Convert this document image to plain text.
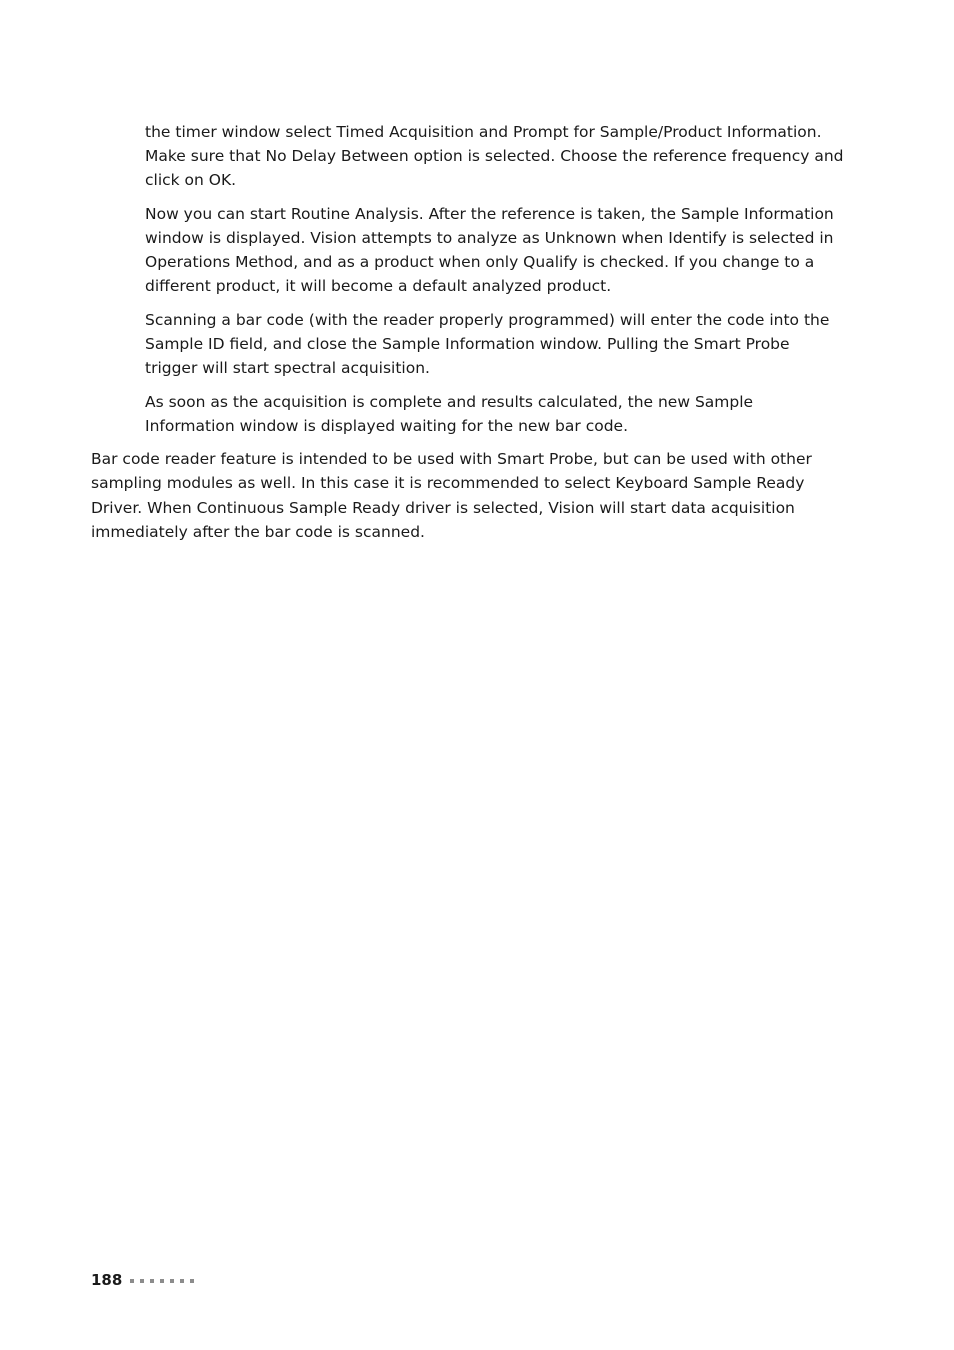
the timer window select Timed Acquisition and Prompt for Sample/Product Information. Make sure that No Delay Between option is selected. Choose the reference frequency and click on OK.

Now you can start Routine Analysis. After the reference is taken, the Sample Information window is displayed. Vision attempts to analyze as Unknown when Identify is selected in Operations Method, and as a product when only Qualify is checked. If you change to a different product, it will become a default analyzed product.

Scanning a bar code (with the reader properly programmed) will enter the code into the Sample ID field, and close the Sample Information window. Pulling the Smart Probe trigger will start spectral acquisition.

As soon as the acquisition is complete and results calculated, the new Sample Information window is displayed waiting for the new bar code.

Bar code reader feature is intended to be used with Smart Probe, but can be used with other sampling modules as well. In this case it is recommended to select Keyboard Sample Ready Driver. When Continuous Sample Ready driver is selected, Vision will start data acquisition immediately after the bar code is scanned.

188
